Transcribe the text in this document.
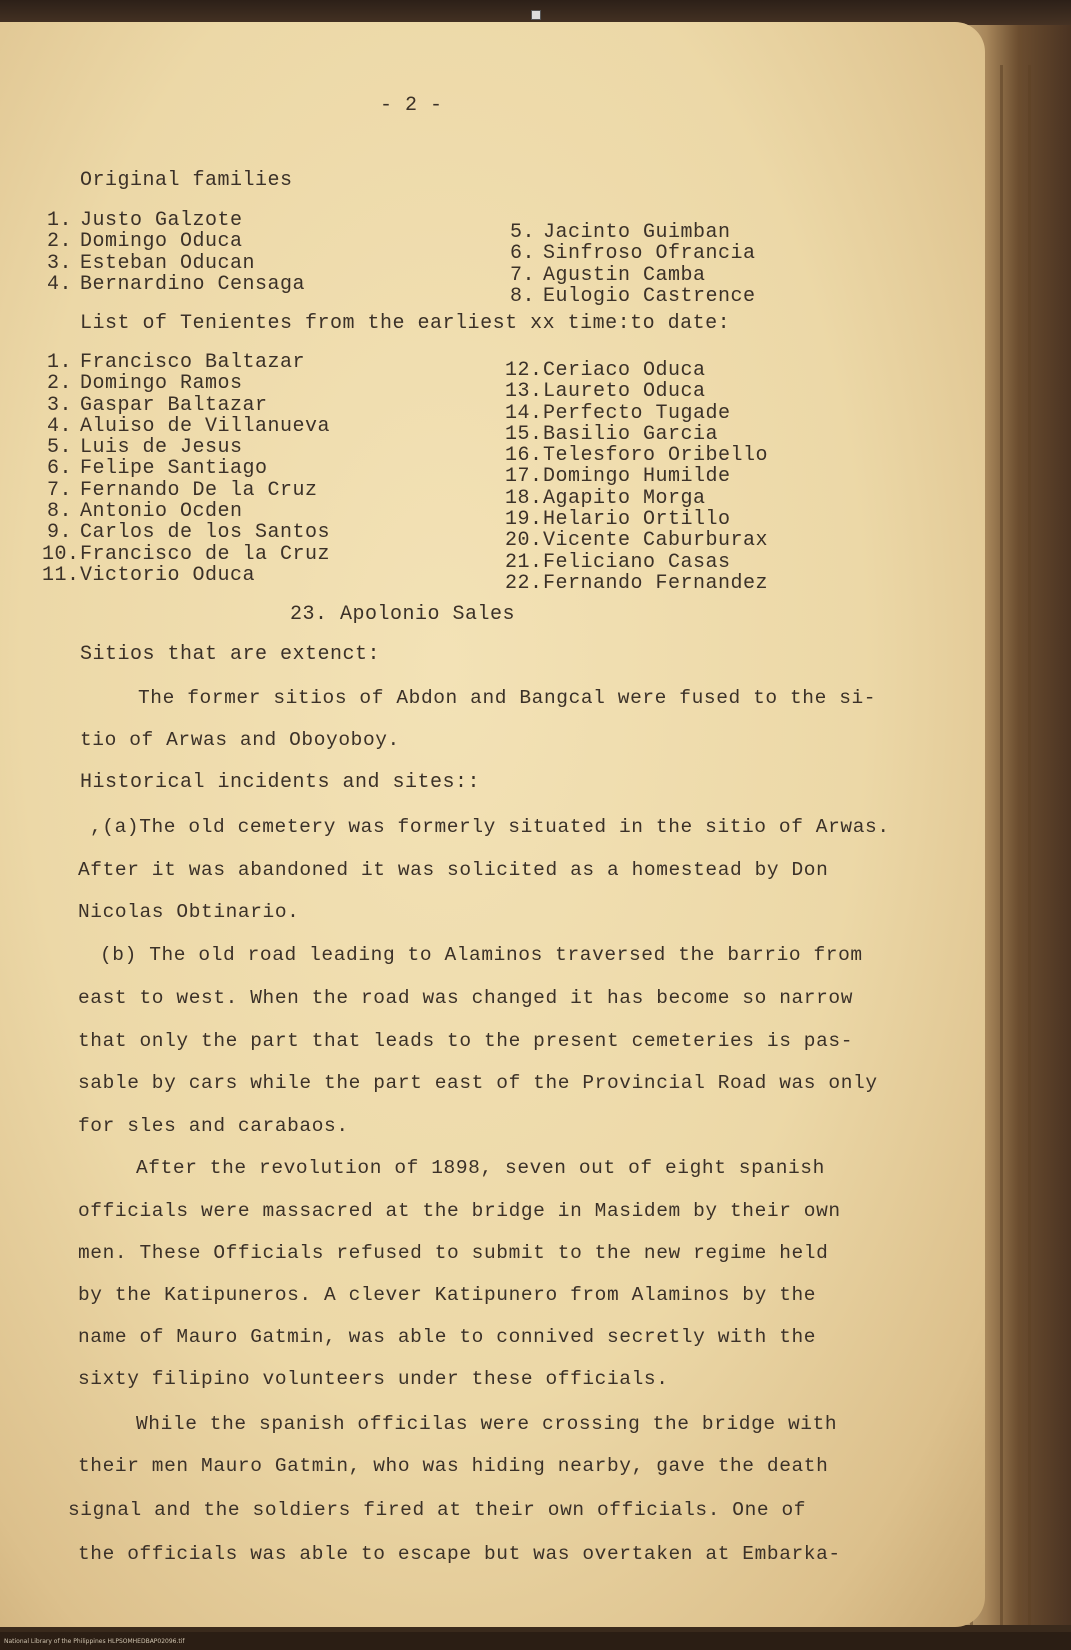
- 2 -
Original families
1. Justo Galzote
2. Domingo Oduca
3. Esteban Oducan
4. Bernardino Censaga
5. Jacinto Guimban
6. Sinfroso Ofrancia
7. Agustin Camba
8. Eulogio Castrence
List of Tenientes from the earliest xx time:to date:
1. Francisco Baltazar
2. Domingo Ramos
3. Gaspar Baltazar
4. Aluiso de Villanueva
5. Luis de Jesus
6. Felipe Santiago
7. Fernando De la Cruz
8. Antonio Ocden
9. Carlos de los Santos
10.Francisco de la Cruz
11.Victorio Oduca
12.Ceriaco Oduca
13.Laureto Oduca
14.Perfecto Tugade
15.Basilio Garcia
16.Telesforo Oribello
17.Domingo Humilde
18.Agapito Morga
19.Helario Ortillo
20.Vicente Caburburax
21.Feliciano Casas
22.Fernando Fernandez
23. Apolonio Sales
Sitios that are extenct:
The former sitios of Abdon and Bangcal were fused to the si-
tio of Arwas and Oboyoboy.
Historical incidents and sites::
,(a)The old cemetery was formerly situated in the sitio of Arwas.
After it was abandoned it was solicited as a homestead by Don
Nicolas Obtinario.
(b) The old road leading to Alaminos traversed the barrio from
east to west. When the road was changed it has become so narrow
that only the part that leads to the present cemeteries is pas-
sable by cars while the part east of the Provincial Road was only
for sles and carabaos.
After the revolution of 1898, seven out of eight spanish
officials were massacred at the bridge in Masidem by their own
men. These Officials refused to submit to the new regime held
by the Katipuneros. A clever Katipunero from Alaminos by the
name of Mauro Gatmin, was able to connived secretly with the
sixty filipino volunteers under these officials.
While the spanish officilas were crossing the bridge with
their men Mauro Gatmin, who was hiding nearby, gave the death
signal and the soldiers fired at their own officials. One of
the officials was able to escape but was overtaken at Embarka-
National Library of the Philippines HLPSOMHEDBAP02096.tif
